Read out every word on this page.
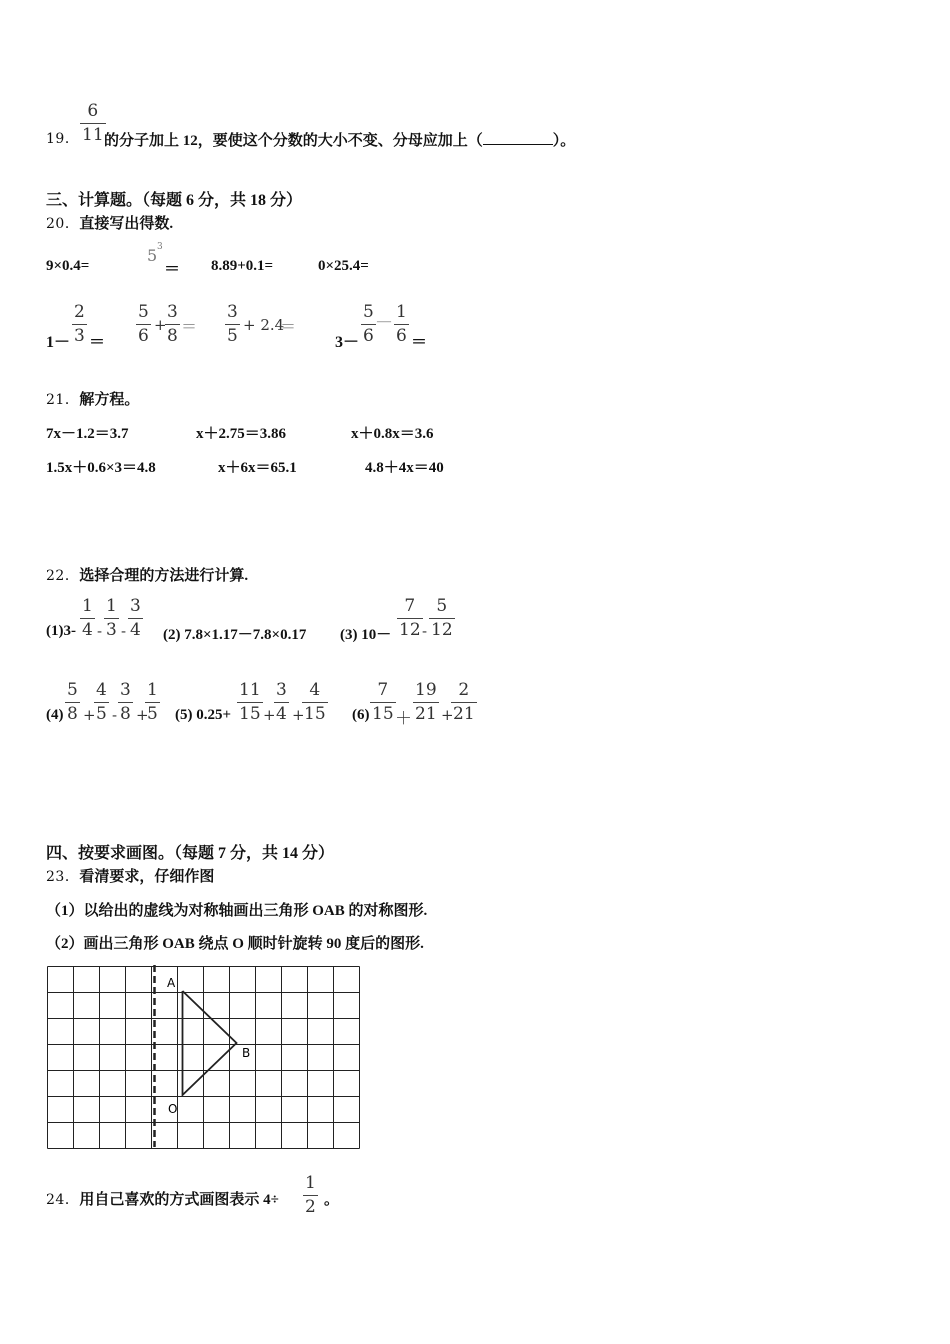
19．
6
11 的分子加上 12，要使这个分数的大小不变、分母应加上（	）。
三、计算题。（每题 6 分，共 18 分）
20．直接写出得数.
9×0.4=
5 3
＝ 8.89+0.1=	0×25.4=
1－
2
3 ＝
5
6
+
3
8 ＝
3
5
+ 2.4
＝
3－
5
6
— 1
6 ＝
21．解方程。
7x－1.2＝3.7	x＋2.75＝3.86	x＋0.8x＝3.6
1.5x＋0.6×3＝4.8	x＋6x＝65.1	4.8＋4x＝40
22．选择合理的方法进行计算.
(1)3-
1
4 -
1
3 -
3
4 (2) 7.8×1.17－7.8×0.17 (3) 10－
7
12 -
5
12
(4)
5
8 +
4
5 -
3
8 +
1
5 (5) 0.25+
11
15 +
3
4 +
4
15 (6)
7
15 ＋
19
21 +
2
21
四、按要求画图。（每题 7 分，共 14 分）
23．看清要求，仔细作图
（1）以给出的虚线为对称轴画出三角形 OAB 的对称图形.
（2）画出三角形 OAB 绕点 O 顺时针旋转 90 度后的图形.
A
B
O
24．用自己喜欢的方式画图表示 4÷
1
2 。
